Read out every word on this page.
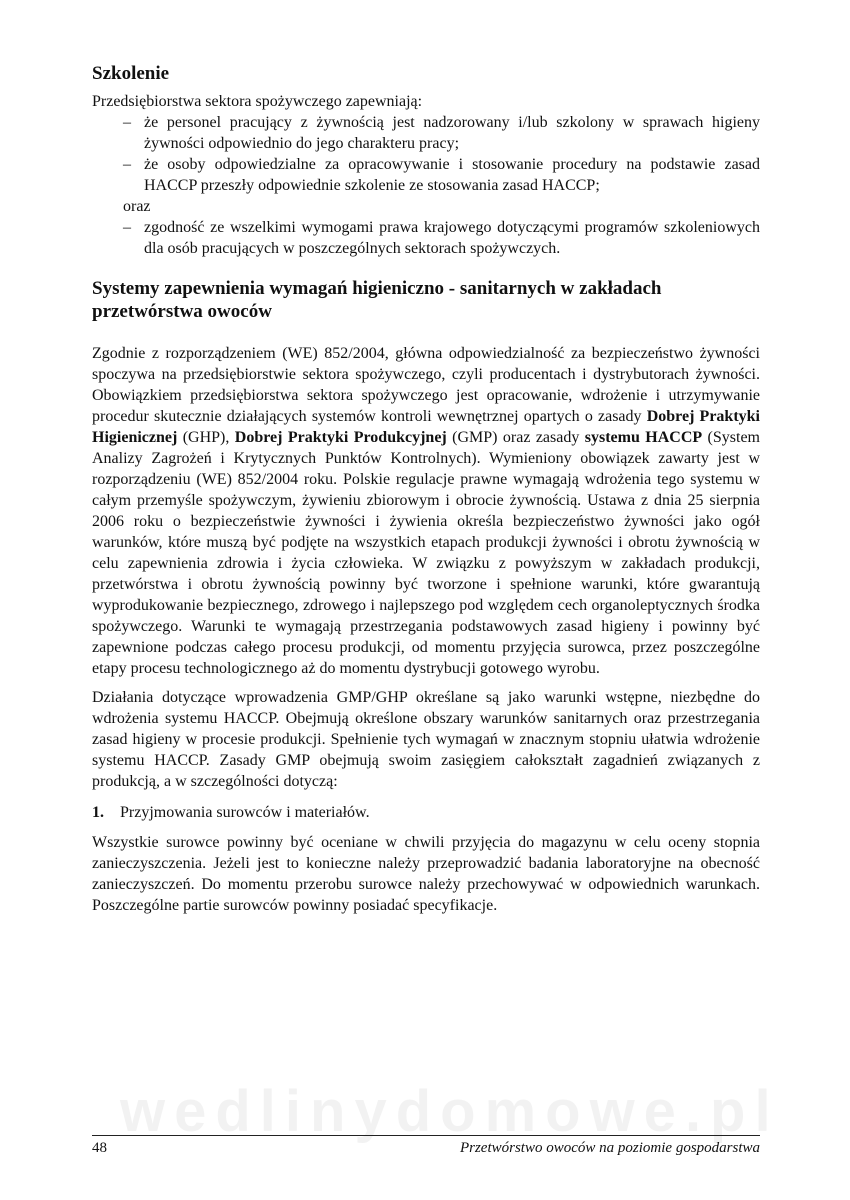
Szkolenie

Przedsiębiorstwa sektora spożywczego zapewniają:

– że personel pracujący z żywnością jest nadzorowany i/lub szkolony w sprawach higieny żywności odpowiednio do jego charakteru pracy;
– że osoby odpowiedzialne za opracowywanie i stosowanie procedury na podstawie zasad HACCP przeszły odpowiednie szkolenie ze stosowania zasad HACCP;
oraz
– zgodność ze wszelkimi wymogami prawa krajowego dotyczącymi programów szkoleniowych dla osób pracujących w poszczególnych sektorach spożywczych.
Systemy zapewnienia wymagań higieniczno - sanitarnych w zakładach przetwórstwa owoców

Zgodnie z rozporządzeniem (WE) 852/2004, główna odpowiedzialność za bezpieczeństwo żywności spoczywa na przedsiębiorstwie sektora spożywczego, czyli producentach i dystrybutorach żywności. Obowiązkiem przedsiębiorstwa sektora spożywczego jest opracowanie, wdrożenie i utrzymywanie procedur skutecznie działających systemów kontroli wewnętrznej opartych o zasady Dobrej Praktyki Higienicznej (GHP), Dobrej Praktyki Produkcyjnej (GMP) oraz zasady systemu HACCP (System Analizy Zagrożeń i Krytycznych Punktów Kontrolnych). Wymieniony obowiązek zawarty jest w rozporządzeniu (WE) 852/2004 roku. Polskie regulacje prawne wymagają wdrożenia tego systemu w całym przemyśle spożywczym, żywieniu zbiorowym i obrocie żywnością. Ustawa z dnia 25 sierpnia 2006 roku o bezpieczeństwie żywności i żywienia określa bezpieczeństwo żywności jako ogół warunków, które muszą być podjęte na wszystkich etapach produkcji żywności i obrotu żywnością w celu zapewnienia zdrowia i życia człowieka. W związku z powyższym w zakładach produkcji, przetwórstwa i obrotu żywnością powinny być tworzone i spełnione warunki, które gwarantują wyprodukowanie bezpiecznego, zdrowego i najlepszego pod względem cech organoleptycznych środka spożywczego. Warunki te wymagają przestrzegania podstawowych zasad higieny i powinny być zapewnione podczas całego procesu produkcji, od momentu przyjęcia surowca, przez poszczególne etapy procesu technologicznego aż do momentu dystrybucji gotowego wyrobu.

Działania dotyczące wprowadzenia GMP/GHP określane są jako warunki wstępne, niezbędne do wdrożenia systemu HACCP. Obejmują określone obszary warunków sanitarnych oraz przestrzegania zasad higieny w procesie produkcji. Spełnienie tych wymagań w znacznym stopniu ułatwia wdrożenie systemu HACCP. Zasady GMP obejmują swoim zasięgiem całokształt zagadnień związanych z produkcją, a w szczególności dotyczą:

1. Przyjmowania surowców i materiałów.

Wszystkie surowce powinny być oceniane w chwili przyjęcia do magazynu w celu oceny stopnia zanieczyszczenia. Jeżeli jest to konieczne należy przeprowadzić badania laboratoryjne na obecność zanieczyszczeń. Do momentu przerobu surowce należy przechowywać w odpowiednich warunkach. Poszczególne partie surowców powinny posiadać specyfikacje.

wedlinydomowe.pl
48	Przetwórstwo owoców na poziomie gospodarstwa
